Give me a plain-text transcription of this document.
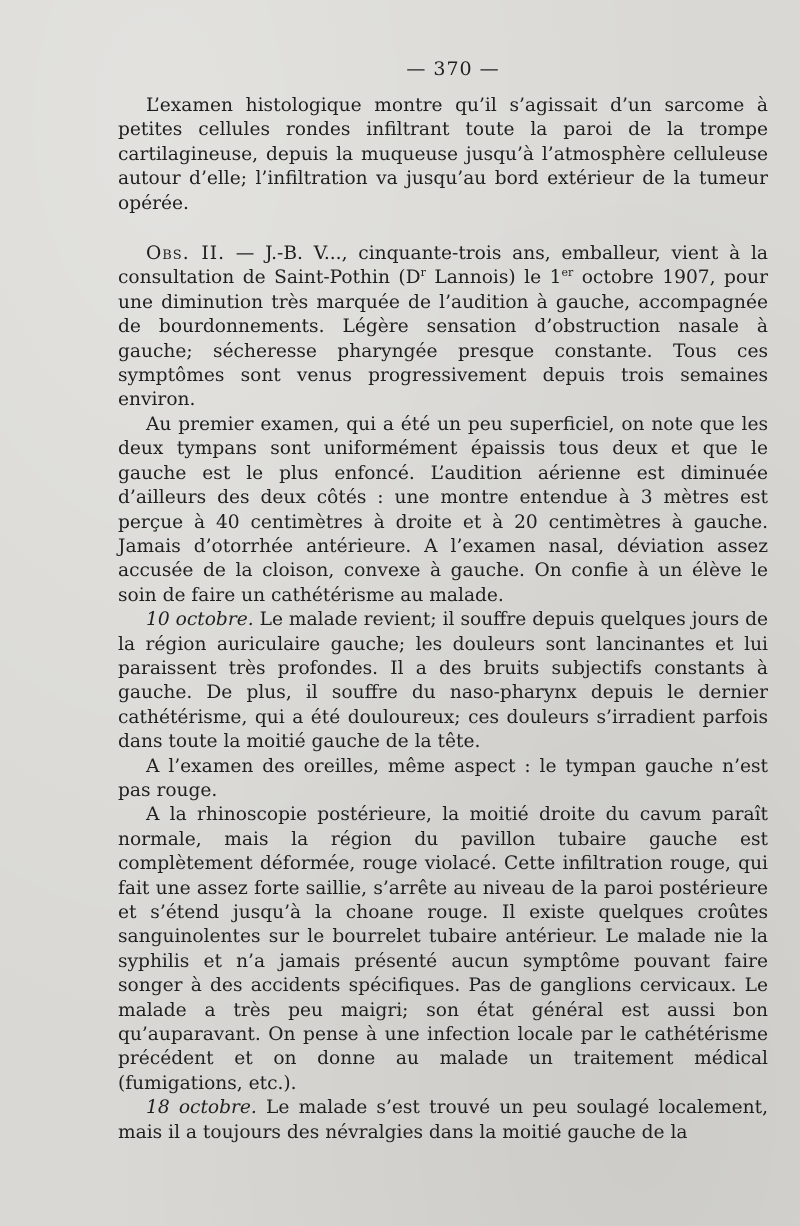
— 370 —

L’examen histologique montre qu’il s’agissait d’un sarcome à petites cellules rondes infiltrant toute la paroi de la trompe cartilagineuse, depuis la muqueuse jusqu’à l’atmosphère celluleuse autour d’elle; l’infiltration va jusqu’au bord extérieur de la tumeur opérée.

Obs. II. — J.-B. V..., cinquante-trois ans, emballeur, vient à la consultation de Saint-Pothin ($D^r$ Lannois) le 1er octobre 1907, pour une diminution très marquée de l’audition à gauche, accompagnée de bourdonnements. Légère sensation d’obstruction nasale à gauche; sécheresse pharyngée presque constante. Tous ces symptômes sont venus progressivement depuis trois semaines environ.

Au premier examen, qui a été un peu superficiel, on note que les deux tympans sont uniformément épaissis tous deux et que le gauche est le plus enfoncé. L’audition aérienne est diminuée d’ailleurs des deux côtés : une montre entendue à 3 mètres est perçue à 40 centimètres à droite et à 20 centimètres à gauche. Jamais d’otorrhée antérieure. A l’examen nasal, déviation assez accusée de la cloison, convexe à gauche. On confie à un élève le soin de faire un cathétérisme au malade.

10 octobre. Le malade revient; il souffre depuis quelques jours de la région auriculaire gauche; les douleurs sont lancinantes et lui paraissent très profondes. Il a des bruits subjectifs constants à gauche. De plus, il souffre du naso-pharynx depuis le dernier cathétérisme, qui a été douloureux; ces douleurs s’irradient parfois dans toute la moitié gauche de la tête.

A l’examen des oreilles, même aspect : le tympan gauche n’est pas rouge.

A la rhinoscopie postérieure, la moitié droite du cavum paraît normale, mais la région du pavillon tubaire gauche est complètement déformée, rouge violacé. Cette infiltration rouge, qui fait une assez forte saillie, s’arrête au niveau de la paroi postérieure et s’étend jusqu’à la choane rouge. Il existe quelques croûtes sanguinolentes sur le bourrelet tubaire antérieur. Le malade nie la syphilis et n’a jamais présenté aucun symptôme pouvant faire songer à des accidents spécifiques. Pas de ganglions cervicaux. Le malade a très peu maigri; son état général est aussi bon qu’auparavant. On pense à une infection locale par le cathétérisme précédent et on donne au malade un traitement médical (fumigations, etc.).

18 octobre. Le malade s’est trouvé un peu soulagé localement, mais il a toujours des névralgies dans la moitié gauche de la
